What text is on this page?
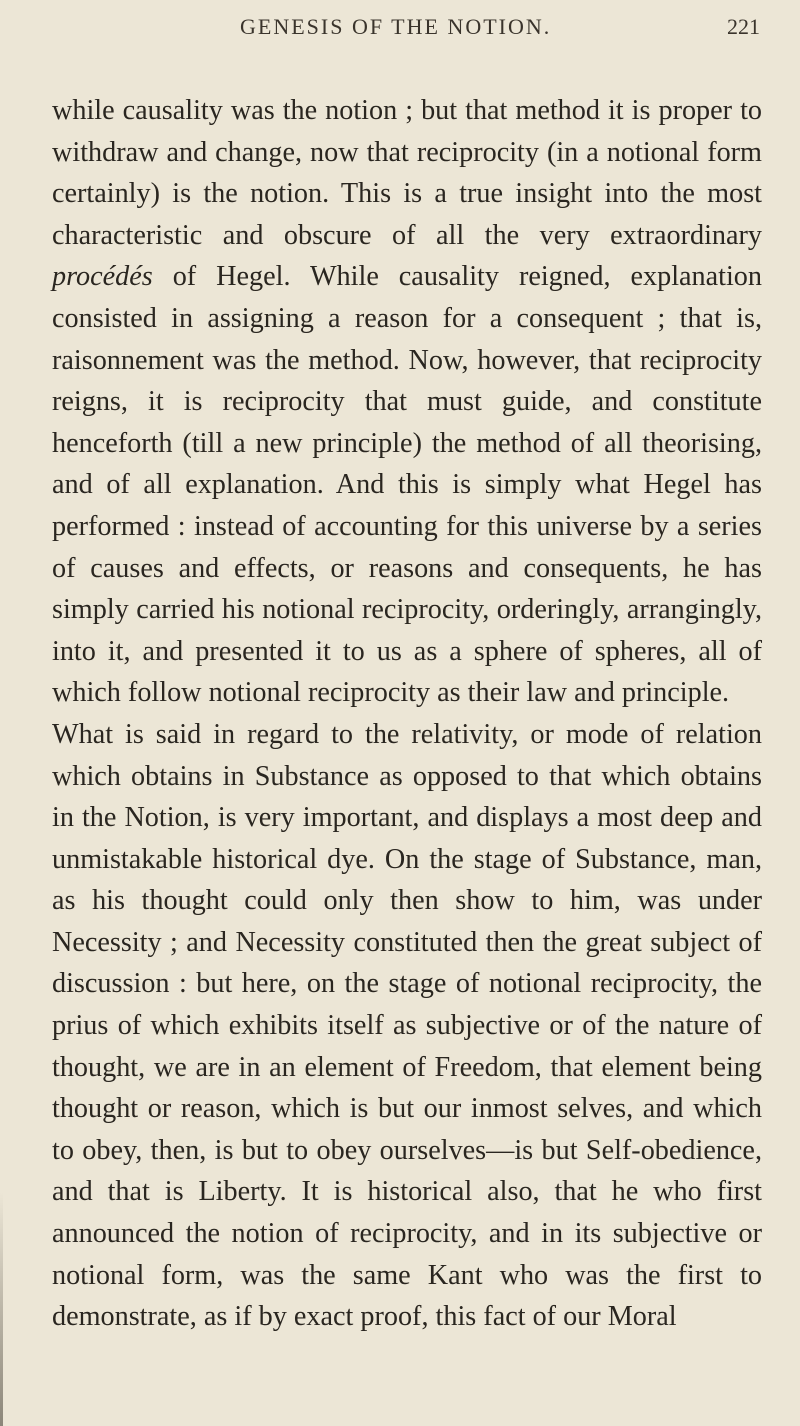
GENESIS OF THE NOTION.	221

while causality was the notion ; but that method it is proper to withdraw and change, now that reciprocity (in a notional form certainly) is the notion. This is a true insight into the most characteristic and obscure of all the very extraordinary procédés of Hegel. While causality reigned, explanation consisted in assigning a reason for a consequent ; that is, raisonnement was the method. Now, however, that reciprocity reigns, it is reciprocity that must guide, and constitute henceforth (till a new principle) the method of all theorising, and of all explanation. And this is simply what Hegel has performed : instead of accounting for this universe by a series of causes and effects, or reasons and consequents, he has simply carried his notional reciprocity, orderingly, arrangingly, into it, and presented it to us as a sphere of spheres, all of which follow notional reciprocity as their law and principle.

What is said in regard to the relativity, or mode of relation which obtains in Substance as opposed to that which obtains in the Notion, is very important, and displays a most deep and unmistakable historical dye. On the stage of Substance, man, as his thought could only then show to him, was under Necessity ; and Necessity constituted then the great subject of discussion : but here, on the stage of notional reciprocity, the prius of which exhibits itself as subjective or of the nature of thought, we are in an element of Freedom, that element being thought or reason, which is but our inmost selves, and which to obey, then, is but to obey ourselves—is but Self-obedience, and that is Liberty. It is historical also, that he who first announced the notion of reciprocity, and in its subjective or notional form, was the same Kant who was the first to demonstrate, as if by exact proof, this fact of our Moral
